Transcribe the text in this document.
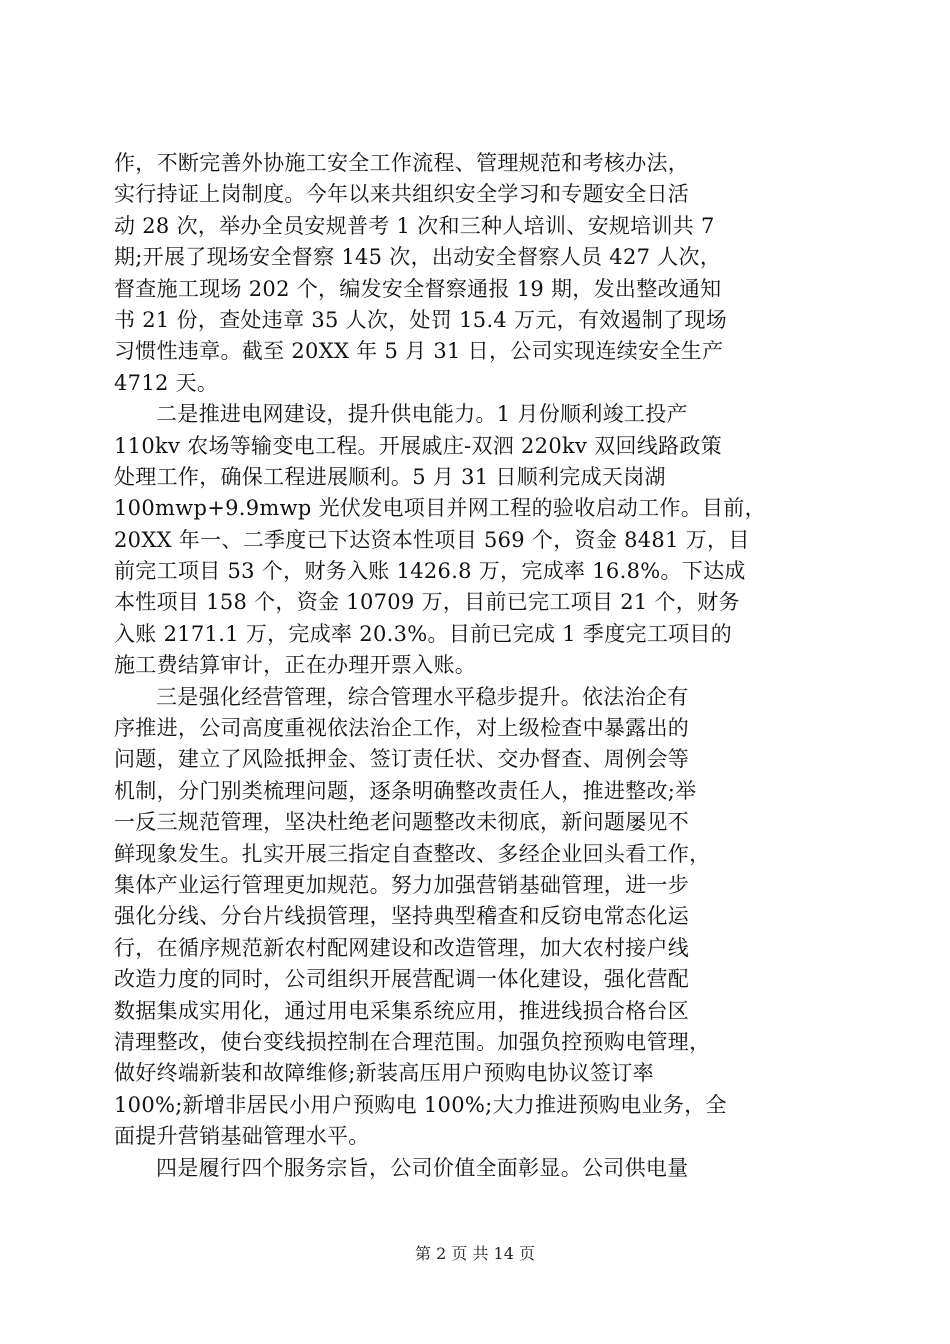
作，不断完善外协施工安全工作流程、管理规范和考核办法，
实行持证上岗制度。今年以来共组织安全学习和专题安全日活
动 28 次，举办全员安规普考 1 次和三种人培训、安规培训共 7
期;开展了现场安全督察 145 次，出动安全督察人员 427 人次，
督查施工现场 202 个，编发安全督察通报 19 期，发出整改通知
书 21 份，查处违章 35 人次，处罚 15.4 万元，有效遏制了现场
习惯性违章。截至 20XX 年 5 月 31 日，公司实现连续安全生产
4712 天。
二是推进电网建设，提升供电能力。1 月份顺利竣工投产
110kv 农场等输变电工程。开展戚庄-双泗 220kv 双回线路政策
处理工作，确保工程进展顺利。5 月 31 日顺利完成天岗湖
100mwp+9.9mwp 光伏发电项目并网工程的验收启动工作。目前，
20XX 年一、二季度已下达资本性项目 569 个，资金 8481 万，目
前完工项目 53 个，财务入账 1426.8 万，完成率 16.8%。下达成
本性项目 158 个，资金 10709 万，目前已完工项目 21 个，财务
入账 2171.1 万，完成率 20.3%。目前已完成 1 季度完工项目的
施工费结算审计，正在办理开票入账。
三是强化经营管理，综合管理水平稳步提升。依法治企有
序推进，公司高度重视依法治企工作，对上级检查中暴露出的
问题，建立了风险抵押金、签订责任状、交办督查、周例会等
机制，分门别类梳理问题，逐条明确整改责任人，推进整改;举
一反三规范管理，坚决杜绝老问题整改未彻底，新问题屡见不
鲜现象发生。扎实开展三指定自查整改、多经企业回头看工作，
集体产业运行管理更加规范。努力加强营销基础管理，进一步
强化分线、分台片线损管理，坚持典型稽查和反窃电常态化运
行，在循序规范新农村配网建设和改造管理，加大农村接户线
改造力度的同时，公司组织开展营配调一体化建设，强化营配
数据集成实用化，通过用电采集系统应用，推进线损合格台区
清理整改，使台变线损控制在合理范围。加强负控预购电管理，
做好终端新装和故障维修;新装高压用户预购电协议签订率
100%;新增非居民小用户预购电 100%;大力推进预购电业务，全
面提升营销基础管理水平。
四是履行四个服务宗旨，公司价值全面彰显。公司供电量
第 2 页 共 14 页
